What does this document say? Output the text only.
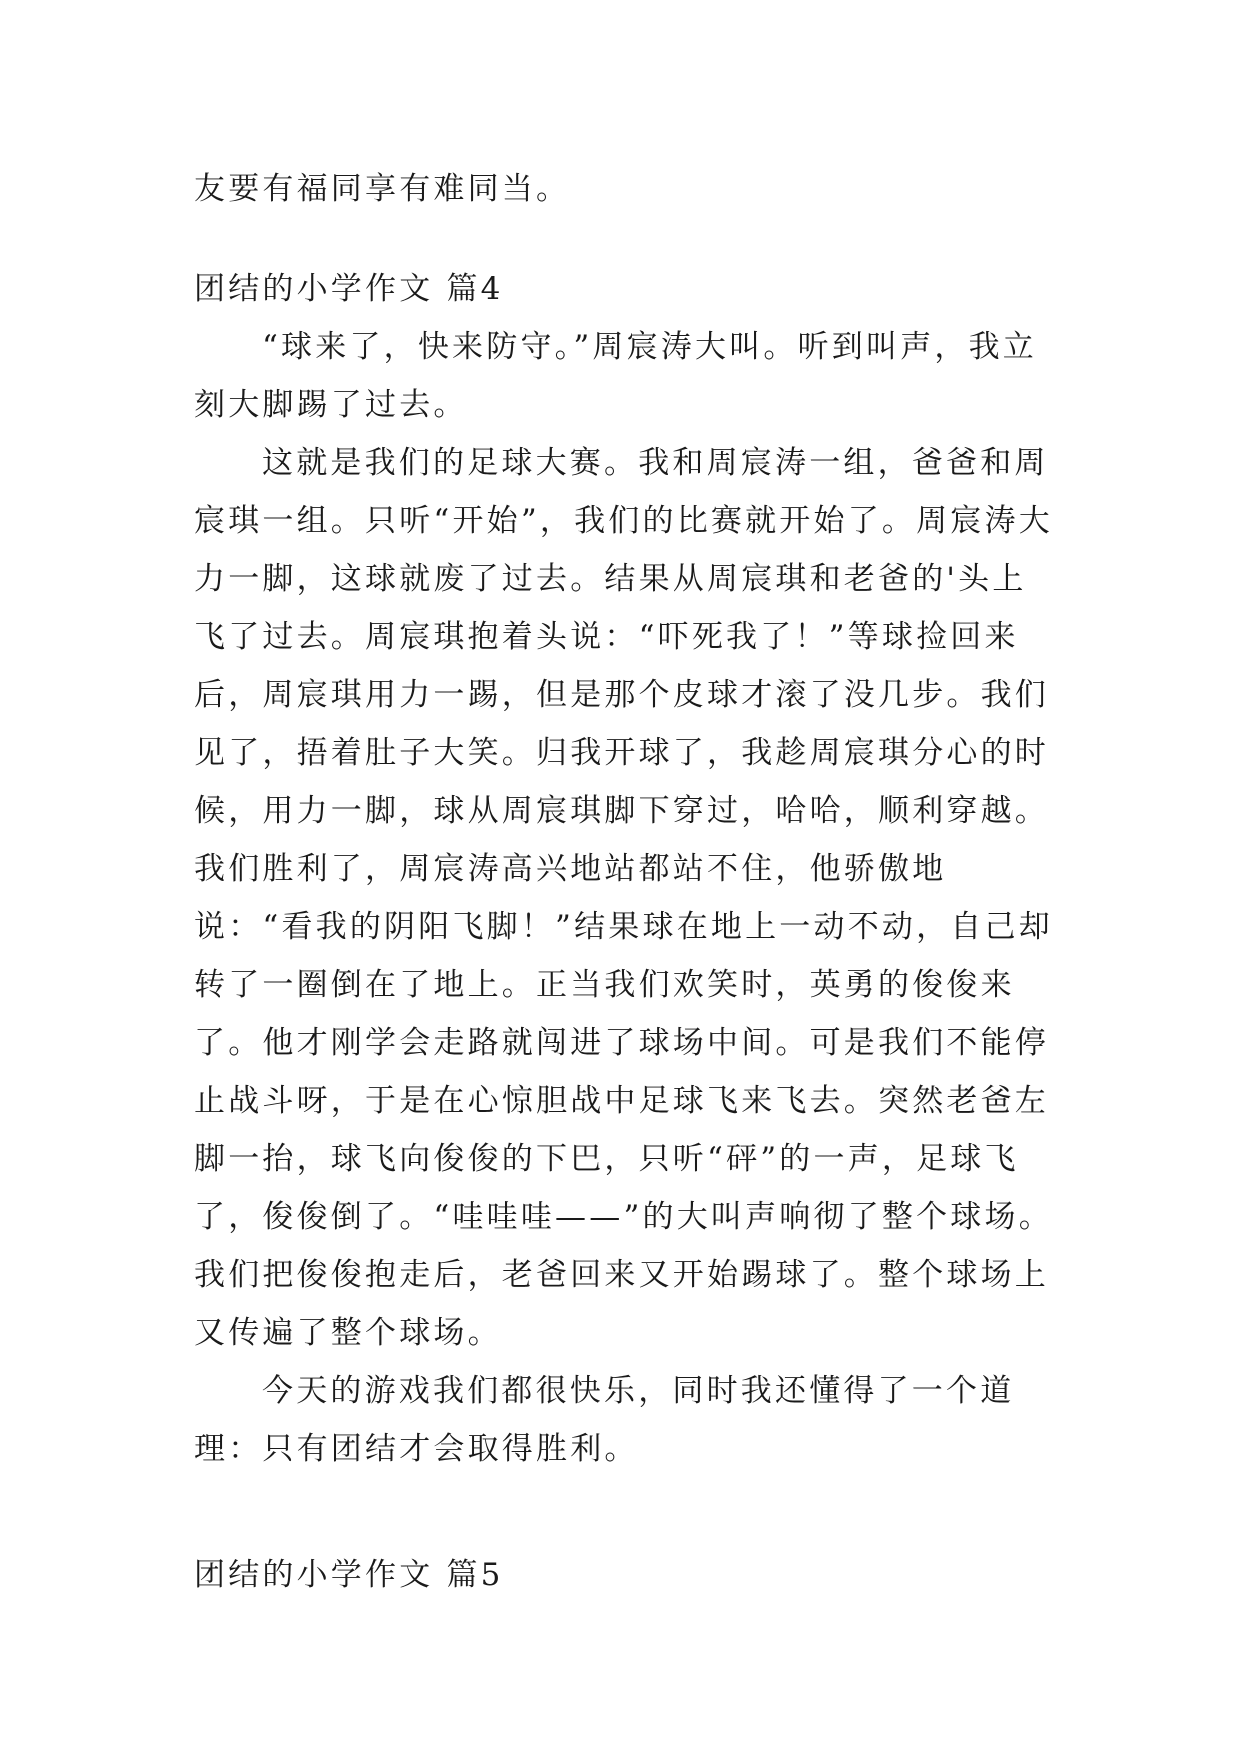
友要有福同享有难同当。

团结的小学作文 篇4

“球来了，快来防守。”周宸涛大叫。听到叫声，我立刻大脚踢了过去。

这就是我们的足球大赛。我和周宸涛一组，爸爸和周宸琪一组。只听“开始”，我们的比赛就开始了。周宸涛大力一脚，这球就废了过去。结果从周宸琪和老爸的'头上飞了过去。周宸琪抱着头说：“吓死我了！”等球捡回来后，周宸琪用力一踢，但是那个皮球才滚了没几步。我们见了，捂着肚子大笑。归我开球了，我趁周宸琪分心的时候，用力一脚，球从周宸琪脚下穿过，哈哈，顺利穿越。我们胜利了，周宸涛高兴地站都站不住，他骄傲地说：“看我的阴阳飞脚！”结果球在地上一动不动，自己却转了一圈倒在了地上。正当我们欢笑时，英勇的俊俊来了。他才刚学会走路就闯进了球场中间。可是我们不能停止战斗呀，于是在心惊胆战中足球飞来飞去。突然老爸左脚一抬，球飞向俊俊的下巴，只听“砰”的一声，足球飞了，俊俊倒了。“哇哇哇——”的大叫声响彻了整个球场。我们把俊俊抱走后，老爸回来又开始踢球了。整个球场上又传遍了整个球场。

今天的游戏我们都很快乐，同时我还懂得了一个道理：只有团结才会取得胜利。

团结的小学作文 篇5
